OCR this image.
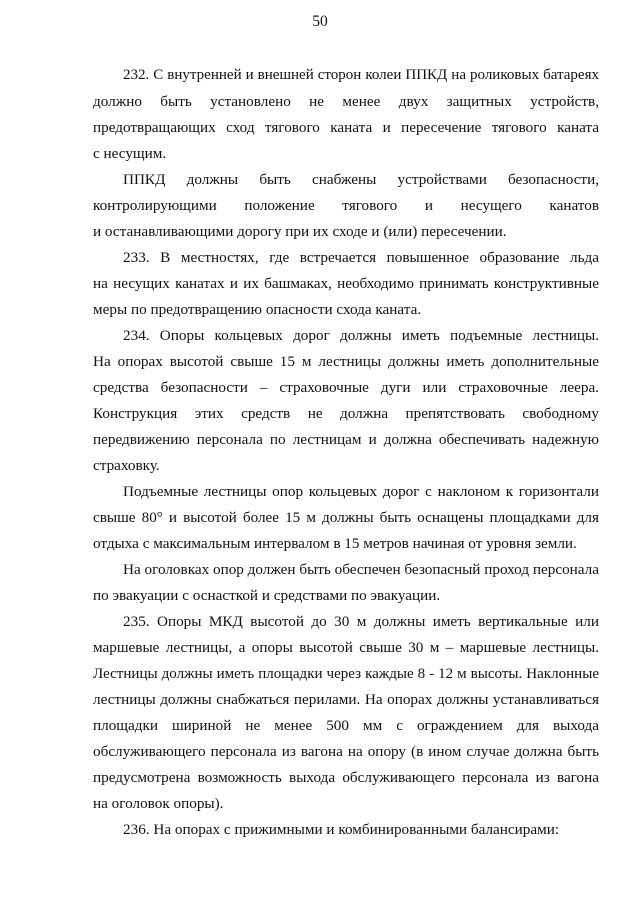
50
232. С внутренней и внешней сторон колеи ППКД на роликовых батареях
должно быть установлено не менее двух защитных устройств,
предотвращающих сход тягового каната и пересечение тягового каната
с несущим.
ППКД должны быть снабжены устройствами безопасности,
контролирующими положение тягового и несущего канатов
и останавливающими дорогу при их сходе и (или) пересечении.
233. В местностях, где встречается повышенное образование льда
на несущих канатах и их башмаках, необходимо принимать конструктивные
меры по предотвращению опасности схода каната.
234. Опоры кольцевых дорог должны иметь подъемные лестницы.
На опорах высотой свыше 15 м лестницы должны иметь дополнительные
средства безопасности – страховочные дуги или страховочные леера.
Конструкция этих средств не должна препятствовать свободному
передвижению персонала по лестницам и должна обеспечивать надежную
страховку.
Подъемные лестницы опор кольцевых дорог с наклоном к горизонтали
свыше 80° и высотой более 15 м должны быть оснащены площадками для
отдыха с максимальным интервалом в 15 метров начиная от уровня земли.
На оголовках опор должен быть обеспечен безопасный проход персонала
по эвакуации с оснасткой и средствами по эвакуации.
235. Опоры МКД высотой до 30 м должны иметь вертикальные или
маршевые лестницы, а опоры высотой свыше 30 м – маршевые лестницы.
Лестницы должны иметь площадки через каждые 8 - 12 м высоты. Наклонные
лестницы должны снабжаться перилами. На опорах должны устанавливаться
площадки шириной не менее 500 мм с ограждением для выхода
обслуживающего персонала из вагона на опору (в ином случае должна быть
предусмотрена возможность выхода обслуживающего персонала из вагона
на оголовок опоры).
236. На опорах с прижимными и комбинированными балансирами:
